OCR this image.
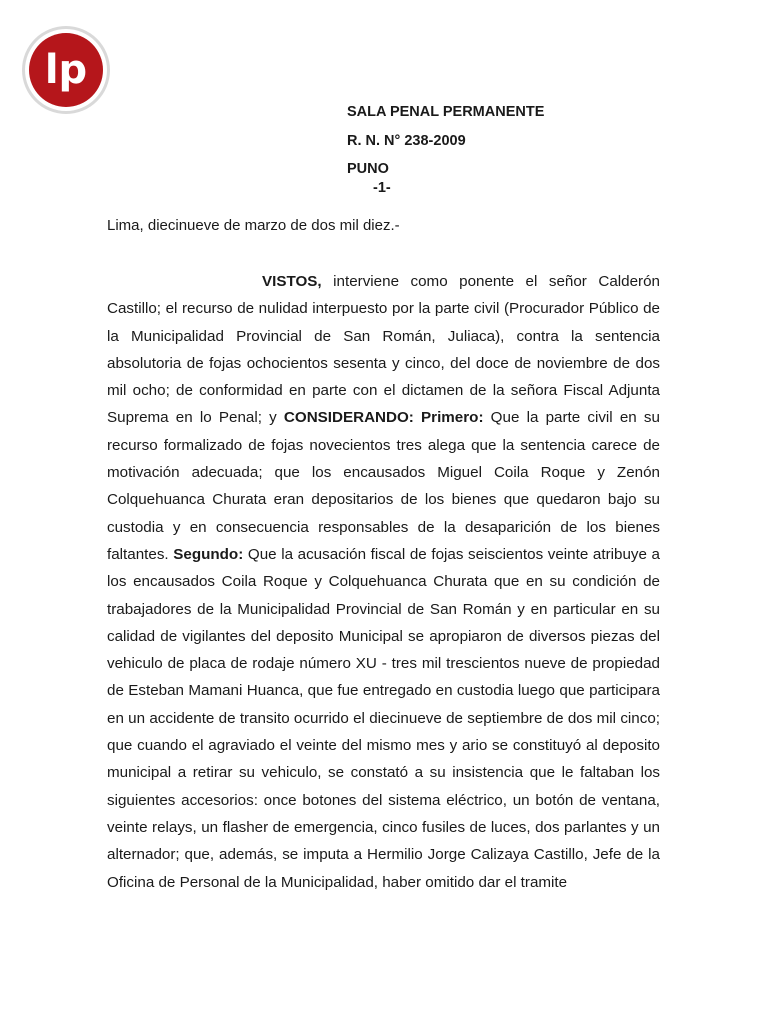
lp
SALA PENAL PERMANENTE
R. N. N° 238-2009
PUNO
-1-
Lima, diecinueve de marzo de dos mil diez.-
VISTOS, interviene como ponente el señor Calderón Castillo; el recurso de nulidad interpuesto por la parte civil (Procurador Público de la Municipalidad Provincial de San Román, Juliaca), contra la sentencia absolutoria de fojas ochocientos sesenta y cinco, del doce de noviembre de dos mil ocho; de conformidad en parte con el dictamen de la señora Fiscal Adjunta Suprema en lo Penal; y CONSIDERANDO: Primero: Que la parte civil en su recurso formalizado de fojas novecientos tres alega que la sentencia carece de motivación adecuada; que los encausados Miguel Coila Roque y Zenón Colquehuanca Churata eran depositarios de los bienes que quedaron bajo su custodia y en consecuencia responsables de la desaparición de los bienes faltantes. Segundo: Que la acusación fiscal de fojas seiscientos veinte atribuye a los encausados Coila Roque y Colquehuanca Churata que en su condición de trabajadores de la Municipalidad Provincial de San Román y en particular en su calidad de vigilantes del deposito Municipal se apropiaron de diversos piezas del vehiculo de placa de rodaje número XU - tres mil trescientos nueve de propiedad de Esteban Mamani Huanca, que fue entregado en custodia luego que participara en un accidente de transito ocurrido el diecinueve de septiembre de dos mil cinco; que cuando el agraviado el veinte del mismo mes y ario se constituyó al deposito municipal a retirar su vehiculo, se constató a su insistencia que le faltaban los siguientes accesorios: once botones del sistema eléctrico, un botón de ventana, veinte relays, un flasher de emergencia, cinco fusiles de luces, dos parlantes y un alternador; que, además, se imputa a Hermilio Jorge Calizaya Castillo, Jefe de la Oficina de Personal de la Municipalidad, haber omitido dar el tramite
